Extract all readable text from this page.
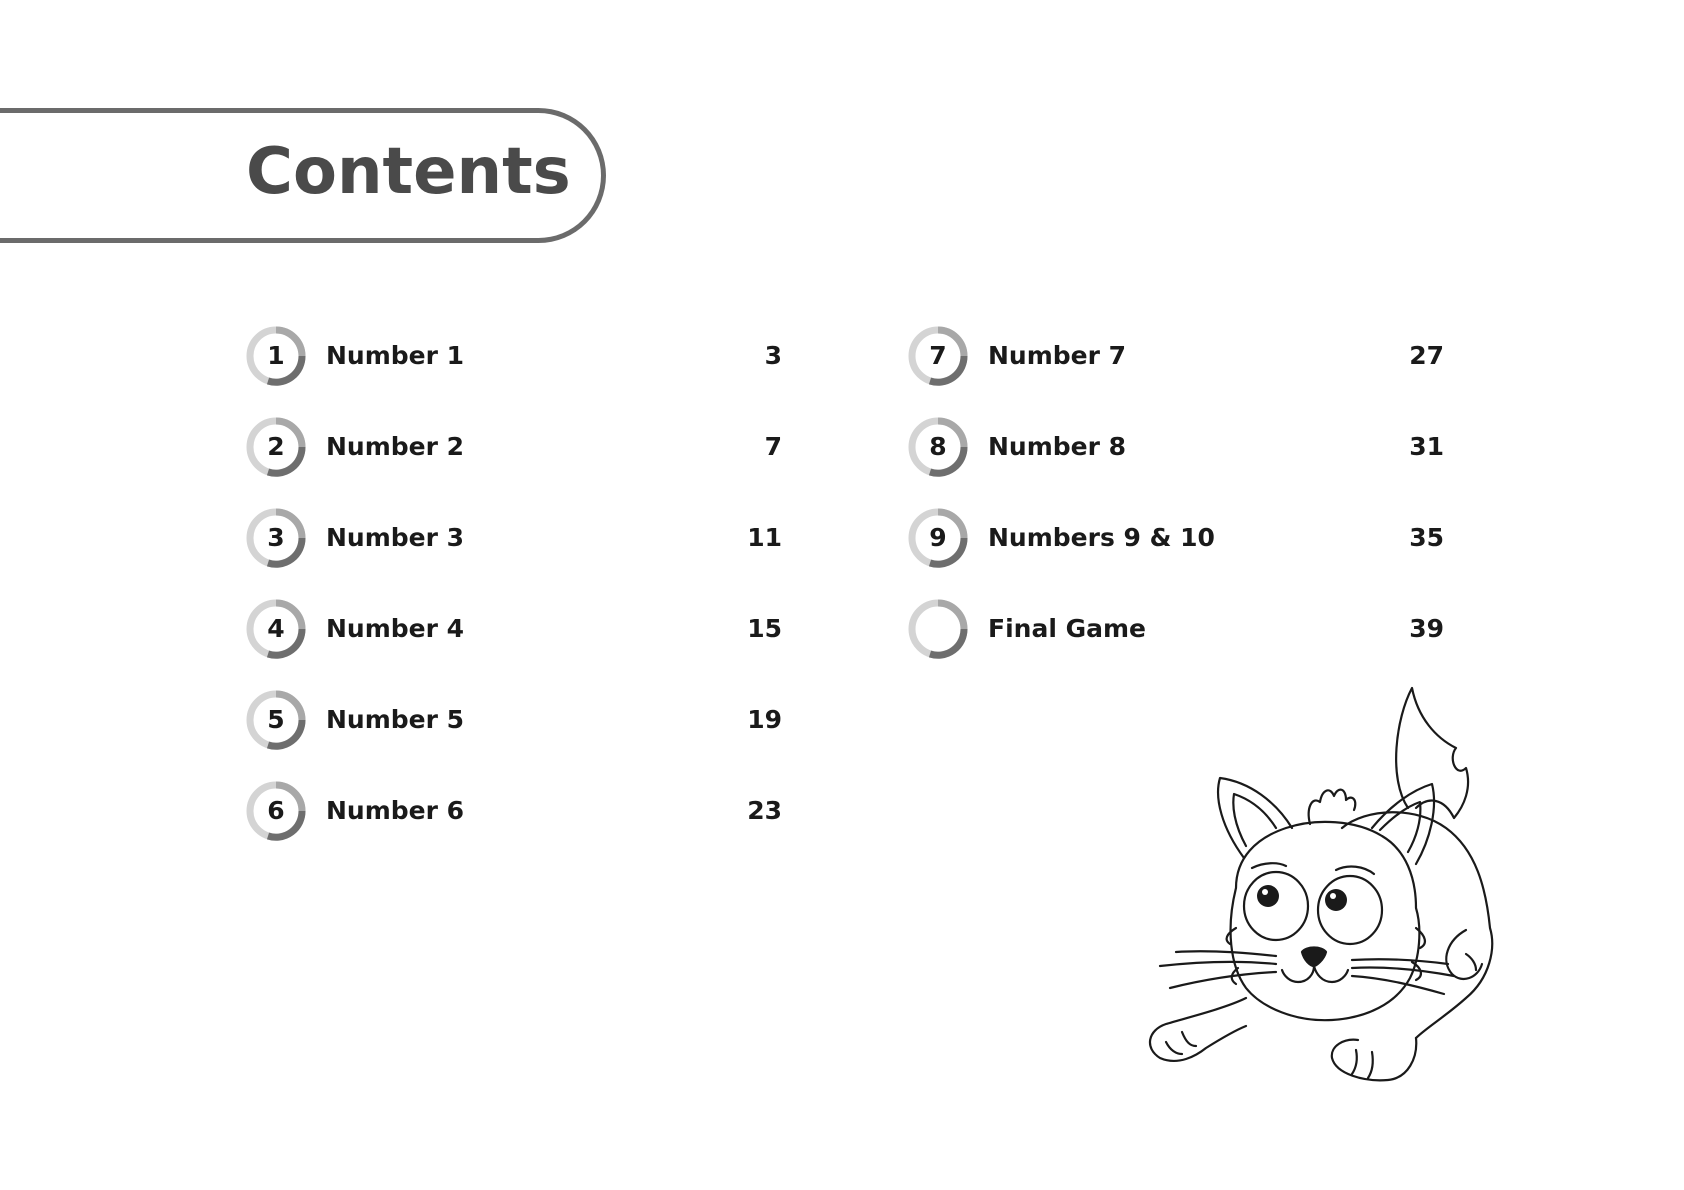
Contents
1	Number 1	3
2	Number 2	7
3	Number 3	11
4	Number 4	15
5	Number 5	19
6	Number 6	23
7	Number 7	27
8	Number 8	31
9	Numbers 9 & 10	35
Final Game	39
